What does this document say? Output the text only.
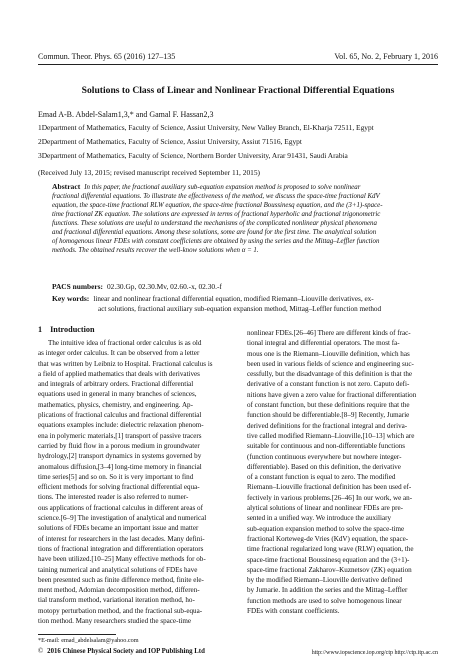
Commun. Theor. Phys. 65 (2016) 127–135	Vol. 65, No. 2, February 1, 2016
Solutions to Class of Linear and Nonlinear Fractional Differential Equations
Emad A-B. Abdel-Salam1,3,* and Gamal F. Hassan2,3
1Department of Mathematics, Faculty of Science, Assiut University, New Valley Branch, El-Kharja 72511, Egypt
2Department of Mathematics, Faculty of Science, Assiut University, Assiut 71516, Egypt
3Department of Mathematics, Faculty of Science, Northern Border University, Arar 91431, Saudi Arabia
(Received July 13, 2015; revised manuscript received September 11, 2015)
Abstract In this paper, the fractional auxiliary sub-equation expansion method is proposed to solve nonlinear
fractional differential equations. To illustrate the effectiveness of the method, we discuss the space-time fractional KdV
equation, the space-time fractional RLW equation, the space-time fractional Boussinesq equation, and the (3+1)-space-
time fractional ZK equation. The solutions are expressed in terms of fractional hyperbolic and fractional trigonometric
functions. These solutions are useful to understand the mechanisms of the complicated nonlinear physical phenomena
and fractional differential equations. Among these solutions, some are found for the first time. The analytical solution
of homogenous linear FDEs with constant coefficients are obtained by using the series and the Mittag–Leffler function
methods. The obtained results recover the well-know solutions when α = 1.
PACS numbers: 02.30.Gp, 02.30.Mv, 02.60.-x, 02.30.-f
Key words: linear and nonlinear fractional differential equation, modified Riemann–Liouville derivatives, ex-
act solutions, fractional auxiliary sub-equation expansion method, Mittag–Leffler function method
1 Introduction
The intuitive idea of fractional order calculus is as old
as integer order calculus. It can be observed from a letter
that was written by Leibniz to Hospital. Fractional calculus is
a field of applied mathematics that deals with derivatives
and integrals of arbitrary orders. Fractional differential
equations used in general in many branches of sciences,
mathematics, physics, chemistry, and engineering. Ap-
plications of fractional calculus and fractional differential
equations examples include: dielectric relaxation phenom-
ena in polymeric materials,[1] transport of passive tracers
carried by fluid flow in a porous medium in groundwater
hydrology,[2] transport dynamics in systems governed by
anomalous diffusion,[3–4] long-time memory in financial
time series[5] and so on. So it is very important to find
efficient methods for solving fractional differential equa-
tions. The interested reader is also referred to numer-
ous applications of fractional calculus in different areas of
science.[6–9] The investigation of analytical and numerical
solutions of FDEs became an important issue and matter
of interest for researchers in the last decades. Many defini-
tions of fractional integration and differentiation operators
have been utilized.[10–25] Many effective methods for ob-
taining numerical and analytical solutions of FDEs have
been presented such as finite difference method, finite ele-
ment method, Adomian decomposition method, differen-
tial transform method, variational iteration method, ho-
motopy perturbation method, and the fractional sub-equa-
tion method. Many researchers studied the space-time
nonlinear FDEs.[26–46] There are different kinds of frac-
tional integral and differential operators. The most fa-
mous one is the Riemann–Liouville definition, which has
been used in various fields of science and engineering suc-
cessfully, but the disadvantage of this definition is that the
derivative of a constant function is not zero. Caputo defi-
nitions have given a zero value for fractional differentiation
of constant function, but these definitions require that the
function should be differentiable.[8–9] Recently, Jumarie
derived definitions for the fractional integral and deriva-
tive called modified Riemann–Liouville,[10–13] which are
suitable for continuous and non-differentiable functions
(function continuous everywhere but nowhere integer-
differentiable). Based on this definition, the derivative
of a constant function is equal to zero. The modified
Riemann–Liouville fractional definition has been used ef-
fectively in various problems.[26–46] In our work, we an-
alytical solutions of linear and nonlinear FDEs are pre-
sented in a unified way. We introduce the auxiliary
sub-equation expansion method to solve the space-time
fractional Korteweg-de Vries (KdV) equation, the space-
time fractional regularized long wave (RLW) equation, the
space-time fractional Boussinesq equation and the (3+1)-
space-time fractional Zakharov–Kuznetsov (ZK) equation
by the modified Riemann–Liouville derivative defined
by Jumarie. In addition the series and the Mittag–Leffler
function methods are used to solve homogenous linear
FDEs with constant coefficients.
*E-mail: emad_abdelsalam@yahoo.com
© 2016 Chinese Physical Society and IOP Publishing Ltd	http://www.iopscience.iop.org/ctp http://ctp.itp.ac.cn
